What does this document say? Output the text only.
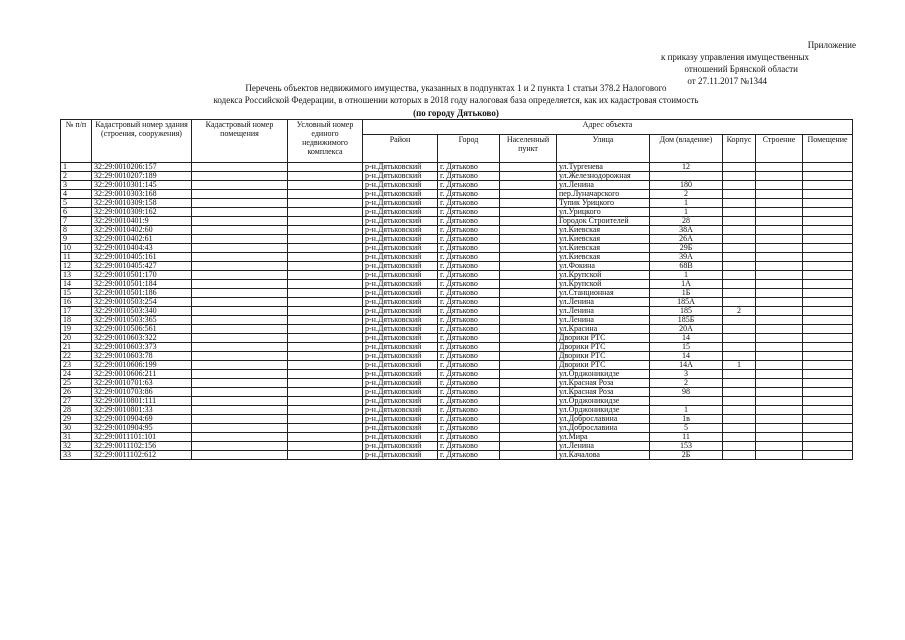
Приложение
к приказу управления имущественных
отношений Брянской области
от 27.11.2017 №1344
Перечень объектов недвижимого имущества, указанных в подпунктах 1 и 2 пункта 1 статьи 378.2 Налогового
кодекса Российской Федерации, в отношении которых в 2018 году налоговая база определяется, как их кадастровая стоимость
(по городу Дятьково)
№ п/п	Кадастровый номер здания (строения, сооружения)	Кадастровый номер помещения	Условный номер единого недвижимого комплекса	Адрес объекта							
				Район	Город	Населенный пункт	Улица	Дом (владение)	Корпус	Строение	Помещение
1	32:29:0010206:157			р-н.Дятьковский	г. Дятьково		ул.Тургенева	12			
2	32:29:0010207:189			р-н.Дятьковский	г. Дятьково		ул.Железнодорожная				
3	32:29:0010301:145			р-н.Дятьковский	г. Дятьково		ул.Ленина	180			
4	32:29:0010303:168			р-н.Дятьковский	г. Дятьково		пер.Луначарского	2			
5	32:29:0010309:158			р-н.Дятьковский	г. Дятьково		Тупик Урицкого	1			
6	32:29:0010309:162			р-н.Дятьковский	г. Дятьково		ул.Урицкого	1			
7	32:29:0010401:9			р-н.Дятьковский	г. Дятьково		Городок Строителей	28			
8	32:29:0010402:60			р-н.Дятьковский	г. Дятьково		ул.Киевская	38А			
9	32:29:0010402:61			р-н.Дятьковский	г. Дятьково		ул.Киевская	26А			
10	32:29:0010404:43			р-н.Дятьковский	г. Дятьково		ул.Киевская	29Б			
11	32:29:0010405:161			р-н.Дятьковский	г. Дятьково		ул.Киевская	39А			
12	32:29:0010405:427			р-н.Дятьковский	г. Дятьково		ул.Фокина	68В			
13	32:29:0010501:170			р-н.Дятьковский	г. Дятьково		ул.Крупской	1			
14	32:29:0010501:184			р-н.Дятьковский	г. Дятьково		ул.Крупской	1А			
15	32:29:0010501:186			р-н.Дятьковский	г. Дятьково		ул.Станционная	1Б			
16	32:29:0010503:254			р-н.Дятьковский	г. Дятьково		ул.Ленина	185А			
17	32:29:0010503:340			р-н.Дятьковский	г. Дятьково		ул.Ленина	185	2		
18	32:29:0010503:365			р-н.Дятьковский	г. Дятьково		ул.Ленина	185Б			
19	32:29:0010506:561			р-н.Дятьковский	г. Дятьково		ул.Красина	20А			
20	32:29:0010603:322			р-н.Дятьковский	г. Дятьково		Дворики РТС	14			
21	32:29:0010603:373			р-н.Дятьковский	г. Дятьково		Дворики РТС	15			
22	32:29:0010603:78			р-н.Дятьковский	г. Дятьково		Дворики РТС	14			
23	32:29:0010606:199			р-н.Дятьковский	г. Дятьково		Дворики РТС	14А	1		
24	32:29:0010606:211			р-н.Дятьковский	г. Дятьково		ул.Орджоникидзе	3			
25	32:29:0010701:63			р-н.Дятьковский	г. Дятьково		ул.Красная Роза	2			
26	32:29:0010703:86			р-н.Дятьковский	г. Дятьково		ул.Красная Роза	98			
27	32:29:0010801:111			р-н.Дятьковский	г. Дятьково		ул.Орджоникидзе				
28	32:29:0010801:33			р-н.Дятьковский	г. Дятьково		ул.Орджоникидзе	1			
29	32:29:0010904:69			р-н.Дятьковский	г. Дятьково		ул.Доброславина	1в			
30	32:29:0010904:95			р-н.Дятьковский	г. Дятьково		ул.Доброславина	5			
31	32:29:0011101:101			р-н.Дятьковский	г. Дятьково		ул.Мира	11			
32	32:29:0011102:156			р-н.Дятьковский	г. Дятьково		ул.Ленина	153			
33	32:29:0011102:612			р-н.Дятьковский	г. Дятьково		ул.Качалова	2Б			
